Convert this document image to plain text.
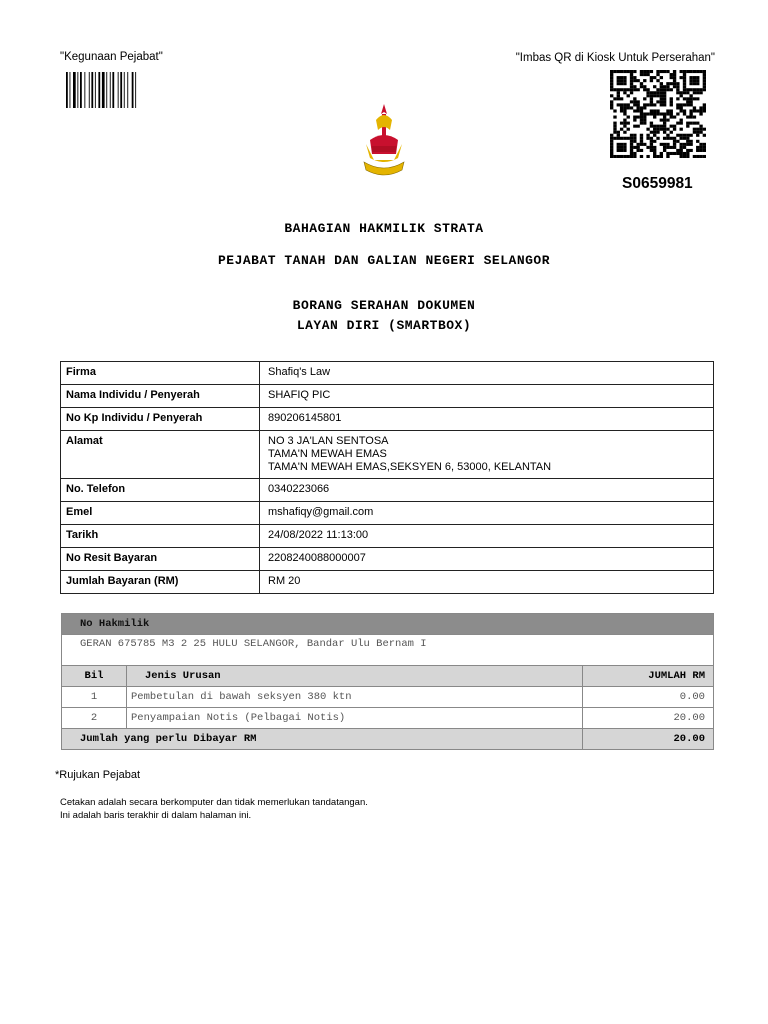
"Kegunaan Pejabat"	"Imbas QR di Kiosk Untuk Perserahan"
S0659981
BAHAGIAN HAKMILIK STRATA
PEJABAT TANAH DAN GALIAN NEGERI SELANGOR
BORANG SERAHAN DOKUMEN
LAYAN DIRI (SMARTBOX)
Firma	Shafiq's Law
Nama Individu / Penyerah	SHAFIQ PIC
No Kp Individu / Penyerah	890206145801
Alamat	NO 3 JA'LAN SENTOSA
TAMA'N MEWAH EMAS
TAMA'N MEWAH EMAS,SEKSYEN 6, 53000, KELANTAN

No. Telefon	0340223066
Emel	mshafiqy@gmail.com
Tarikh	24/08/2022 11:13:00
No Resit Bayaran	2208240088000007
Jumlah Bayaran (RM)	RM 20
No Hakmilik		
GERAN 675785 M3 2 25 HULU SELANGOR, Bandar Ulu Bernam I		
Bil	Jenis Urusan	JUMLAH RM
1	Pembetulan di bawah seksyen 380 ktn	0.00
2	Penyampaian Notis (Pelbagai Notis)	20.00
Jumlah yang perlu Dibayar RM		20.00
*Rujukan Pejabat
Cetakan adalah secara berkomputer dan tidak memerlukan tandatangan.
Ini adalah baris terakhir di dalam halaman ini.
